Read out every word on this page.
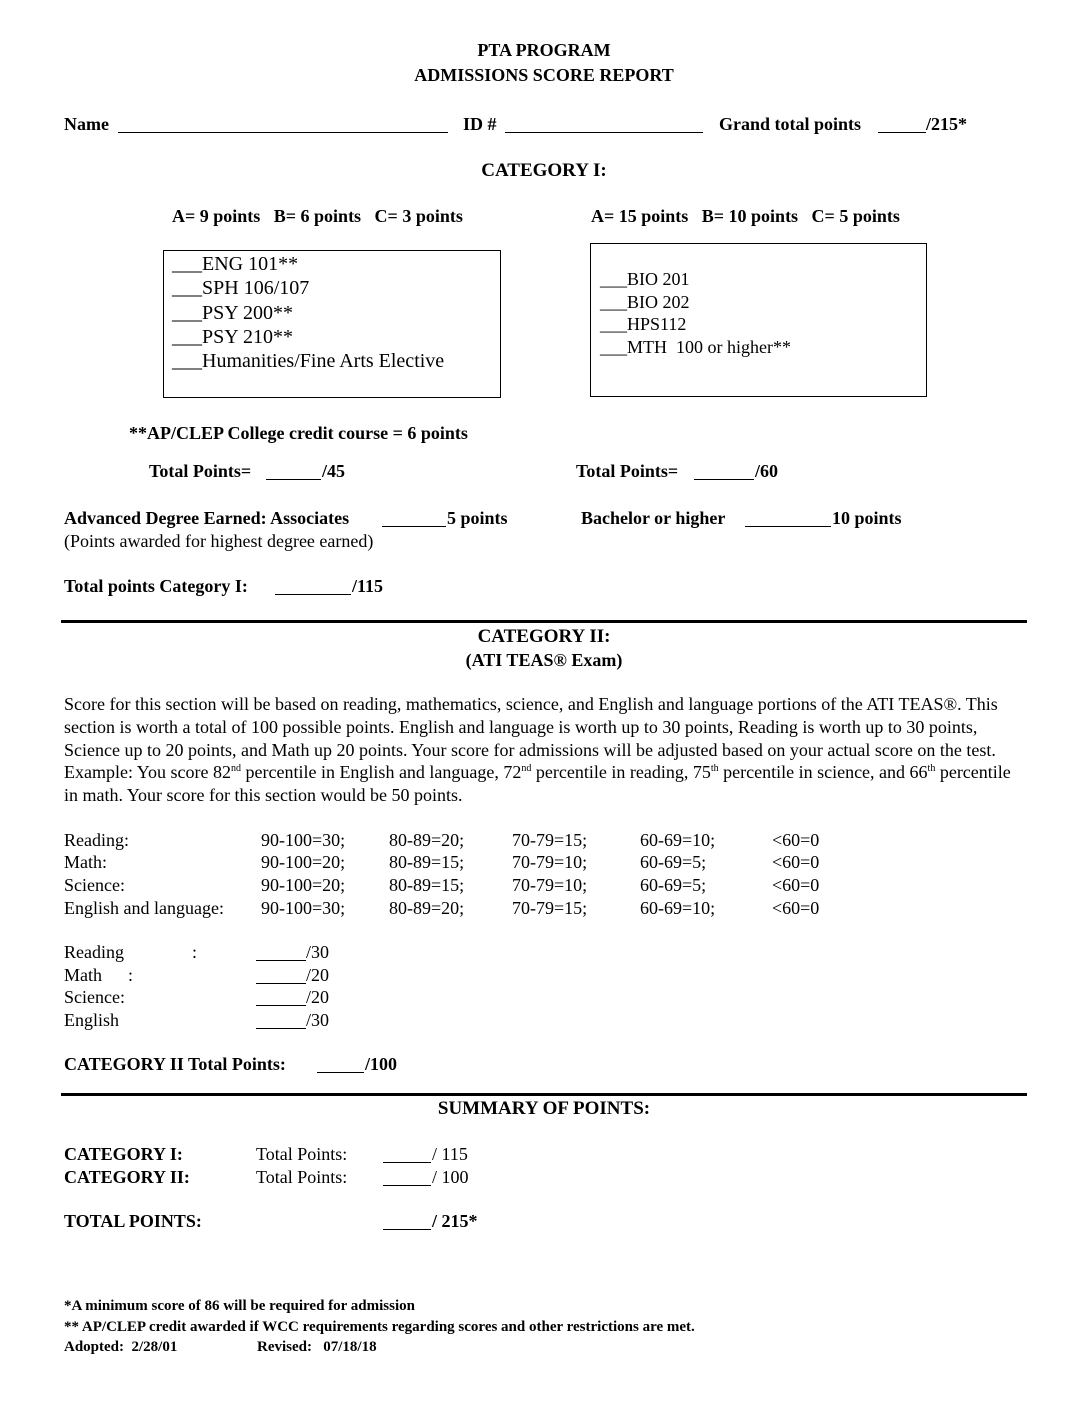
PTA PROGRAM
ADMISSIONS SCORE REPORT
Name	ID #	Grand total points	/215*
CATEGORY I:
A= 9 points   B= 6 points   C= 3 points	A= 15 points   B= 10 points   C= 5 points
___ENG 101**
___SPH 106/107
___PSY 200**
___PSY 210**
___Humanities/Fine Arts Elective
___BIO 201
___BIO 202
___HPS112
___MTH  100 or higher**
**AP/CLEP College credit course = 6 points
Total Points=	/45	Total Points=	/60
Advanced Degree Earned: Associates	5 points	Bachelor or higher	10 points
(Points awarded for highest degree earned)
Total points Category I:	/115
CATEGORY II:
(ATI TEAS® Exam)
Score for this section will be based on reading, mathematics, science, and English and language portions of the ATI TEAS®. This section is worth a total of 100 possible points. English and language is worth up to 30 points, Reading is worth up to 30 points, Science up to 20 points, and Math up 20 points. Your score for admissions will be adjusted based on your actual score on the test. Example: You score 82nd percentile in English and language, 72nd percentile in reading, 75th percentile in science, and 66th percentile in math. Your score for this section would be 50 points.
Reading:	90-100=30; 80-89=20;	70-79=15;	60-69=10;	<60=0
Math:	90-100=20; 80-89=15;	70-79=10;	60-69=5;	<60=0
Science:	90-100=20; 80-89=15;	70-79=10;	60-69=5;	<60=0
English and language: 90-100=30; 80-89=20;	70-79=15;	60-69=10;	<60=0
Reading	:	/30
Math :	/20
Science:	/20
English	/30
CATEGORY II Total Points:	/100
SUMMARY OF POINTS:
CATEGORY I:	Total Points:	/ 115
CATEGORY II:	Total Points:	/ 100
TOTAL POINTS:	/ 215*
*A minimum score of 86 will be required for admission
** AP/CLEP credit awarded if WCC requirements regarding scores and other restrictions are met.
Adopted:  2/28/01	Revised:   07/18/18
